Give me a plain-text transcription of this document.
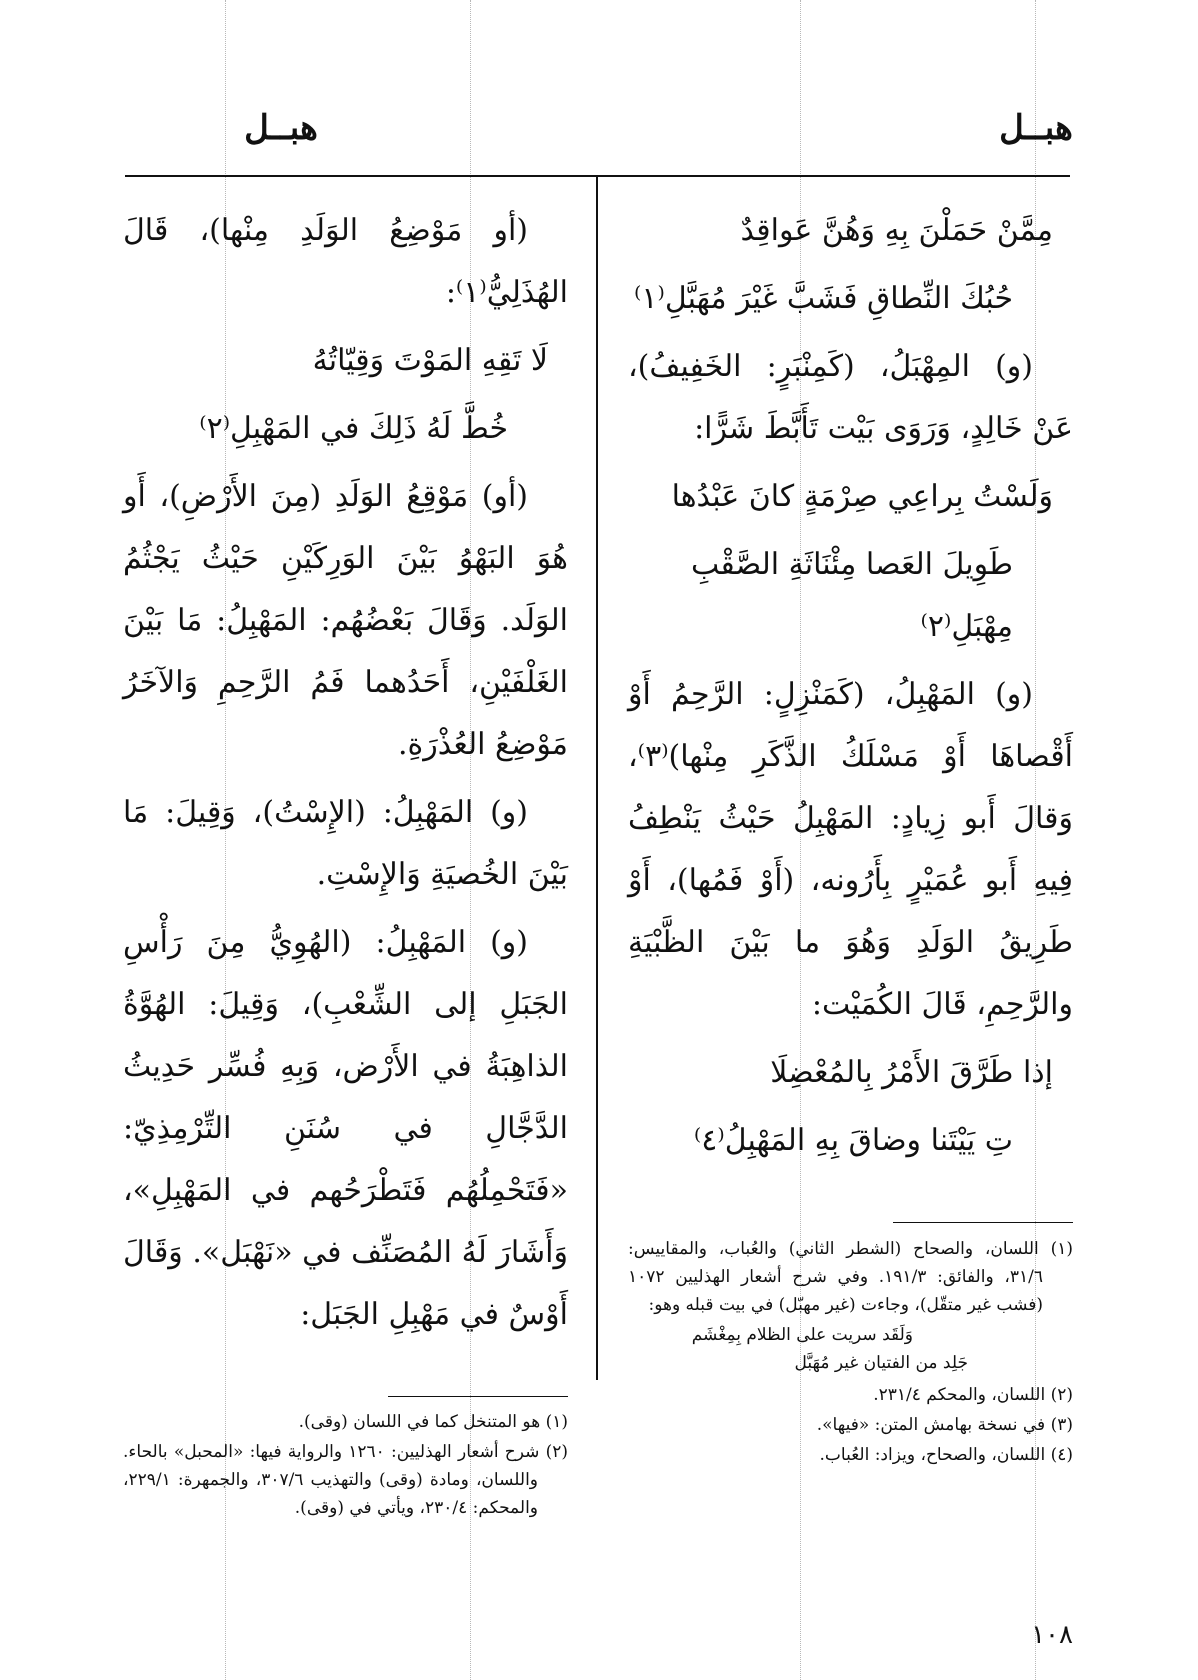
هبــل
هبــل

مِمَّنْ حَمَلْنَ بِهِ وَهُنَّ عَواقِدٌ

حُبُكَ النِّطاقِ فَشَبَّ غَيْرَ مُهَبَّلِ⁽١⁾

(و) المِهْبَلُ، (كَمِنْبَرٍ: الخَفِيفُ)، عَنْ خَالِدٍ، وَرَوَى بَيْت تَأَبَّطَ شَرًّا:

وَلَسْتُ بِراعِي صِرْمَةٍ كانَ عَبْدُها

طَوِيلَ العَصا مِئْنَاثَةِ الصَّقْبِ مِهْبَلِ⁽٢⁾

(و) المَهْبِلُ، (كَمَنْزِلٍ: الرَّحِمُ أَوْ أَقْصاهَا أَوْ مَسْلَكُ الذَّكَرِ مِنْها)⁽٣⁾، وَقالَ أَبو زِيادٍ: المَهْبِلُ حَيْثُ يَنْطِفُ فِيهِ أَبو عُمَيْرٍ بِأَرُونه، (أَوْ فَمُها)، أَوْ طَرِيقُ الوَلَدِ وَهُوَ ما بَيْنَ الظَّبْيَةِ والرَّحِمِ، قَالَ الكُمَيْت:

إذا طَرَّقَ الأَمْرُ بِالمُعْضِلَا

تِ يَيْتَنا وضاقَ بِهِ المَهْبِلُ⁽٤⁾

(أو مَوْضِعُ الوَلَدِ مِنْها)، قَالَ الهُذَلِيُّ⁽١⁾:

لَا تَقِهِ المَوْتَ وَقِيّاتُهُ

خُطَّ لَهُ ذَلِكَ في المَهْبِلِ⁽٢⁾

(أو) مَوْقِعُ الوَلَدِ (مِنَ الأَرْضِ)، أَو هُوَ البَهْوُ بَيْنَ الوَرِكَيْنِ حَيْثُ يَجْثُمُ الوَلَد. وَقَالَ بَعْضُهُم: المَهْبِلُ: مَا بَيْنَ الغَلْفَيْنِ، أَحَدُهما فَمُ الرَّحِمِ وَالآخَرُ مَوْضِعُ العُذْرَةِ.

(و) المَهْبِلُ: (الإِسْتُ)، وَقِيلَ: مَا بَيْنَ الخُصيَةِ وَالإِسْتِ.

(و) المَهْبِلُ: (الهُوِيُّ مِنَ رَأْسِ الجَبَلِ إلى الشِّعْبِ)، وَقِيلَ: الهُوَّةُ الذاهِبَةُ في الأَرْض، وَبِهِ فُسِّر حَدِيثُ الدَّجَّالِ في سُنَنِ التِّرْمِذِيّ: «فَتَحْمِلُهُم فَتَطْرَحُهم في المَهْبِلِ»، وَأَشَارَ لَهُ المُصَنِّف في «نَهْبَل». وَقَالَ أَوْسٌ في مَهْبِلِ الجَبَل:

(١) اللسان، والصحاح (الشطر الثاني) والعُباب، والمقاييس: ٣١/٦، والفائق: ١٩١/٣. وفي شرح أشعار الهذليين ١٠٧٢ (فشب غير متقّل)، وجاءت (غير مهبّل) في بيت قبله وهو:

وَلَقَد سريت على الظلام بِمِغْشَم

جَلِد من الفتيان غير مُهَبَّل

(٢) اللسان، والمحكم ٢٣١/٤.

(٣) في نسخة بهامش المتن: «فيها».

(٤) اللسان، والصحاح، ويزاد: العُباب.

(١) هو المتنخل كما في اللسان (وقى).

(٢) شرح أشعار الهذليين: ١٢٦٠ والرواية فيها: «المحبل» بالحاء. واللسان، ومادة (وقى) والتهذيب ٣٠٧/٦، والجمهرة: ٢٢٩/١، والمحكم: ٢٣٠/٤، ويأتي في (وقى).

١٠٨
